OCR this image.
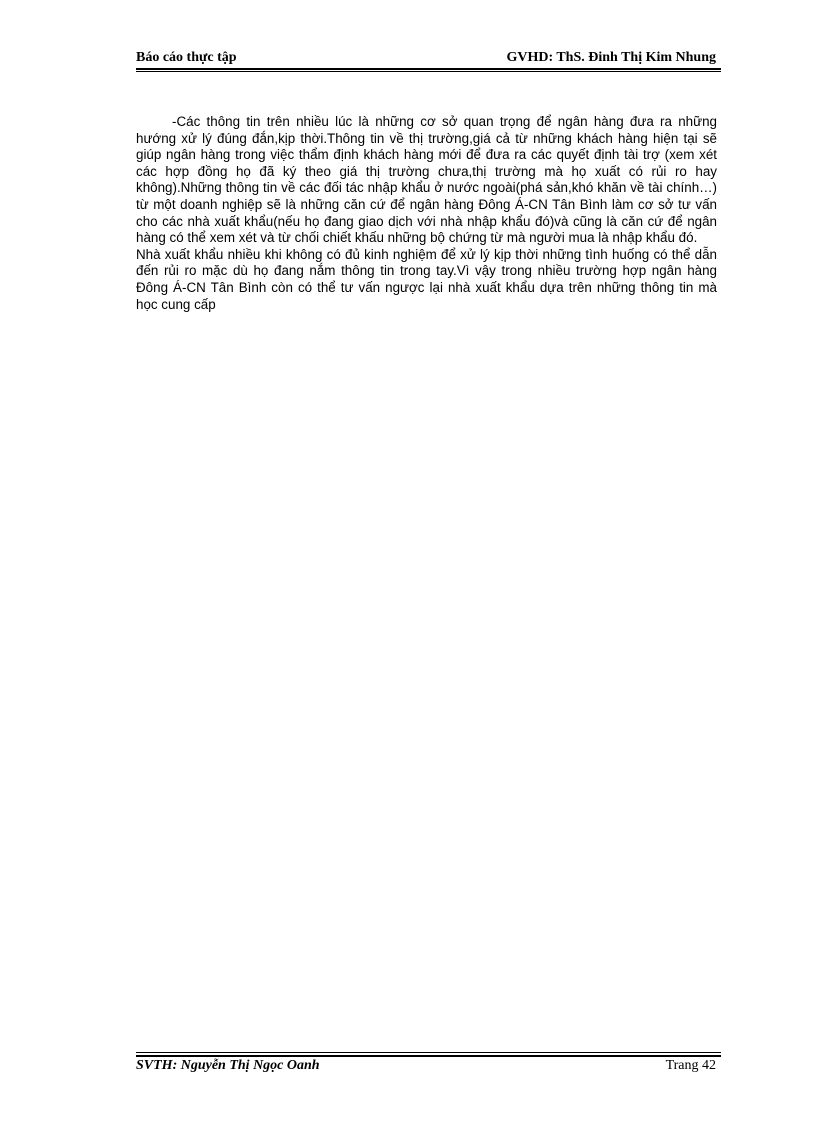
Báo cáo thực tập	GVHD: ThS. Đinh Thị Kim Nhung

-Các thông tin trên nhiều lúc là những cơ sở quan trọng để ngân hàng đưa ra những hướng xử lý đúng đắn,kịp thời.Thông tin về thị trường,giá cả từ những khách hàng hiện tại sẽ giúp ngân hàng trong việc thẩm định khách hàng mới để đưa ra các quyết định tài trợ (xem xét các hợp đồng họ đã ký theo giá thị trường chưa,thị trường mà họ xuất có rủi ro hay không).Những thông tin về các đối tác nhập khẩu ở nước ngoài(phá sản,khó khăn về tài chính…) từ một doanh nghiệp sẽ là những căn cứ để ngân hàng Đông Á-CN Tân Bình làm cơ sở tư vấn cho các nhà xuất khẩu(nếu họ đang giao dịch với nhà nhập khẩu đó)và cũng là căn cứ để ngân hàng có thể xem xét và từ chối chiết khấu những bộ chứng từ mà người mua là nhập khẩu đó.

Nhà xuất khẩu nhiều khi không có đủ kinh nghiệm để xử lý kịp thời những tình huống có thể dẫn đến rủi ro mặc dù họ đang nắm thông tin trong tay.Vì vậy trong nhiều trường hợp ngân hàng Đông Á-CN Tân Bình còn có thể tư vấn ngược lại nhà xuất khẩu dựa trên những thông tin mà học cung cấp

SVTH: Nguyễn Thị Ngọc Oanh	Trang 42
